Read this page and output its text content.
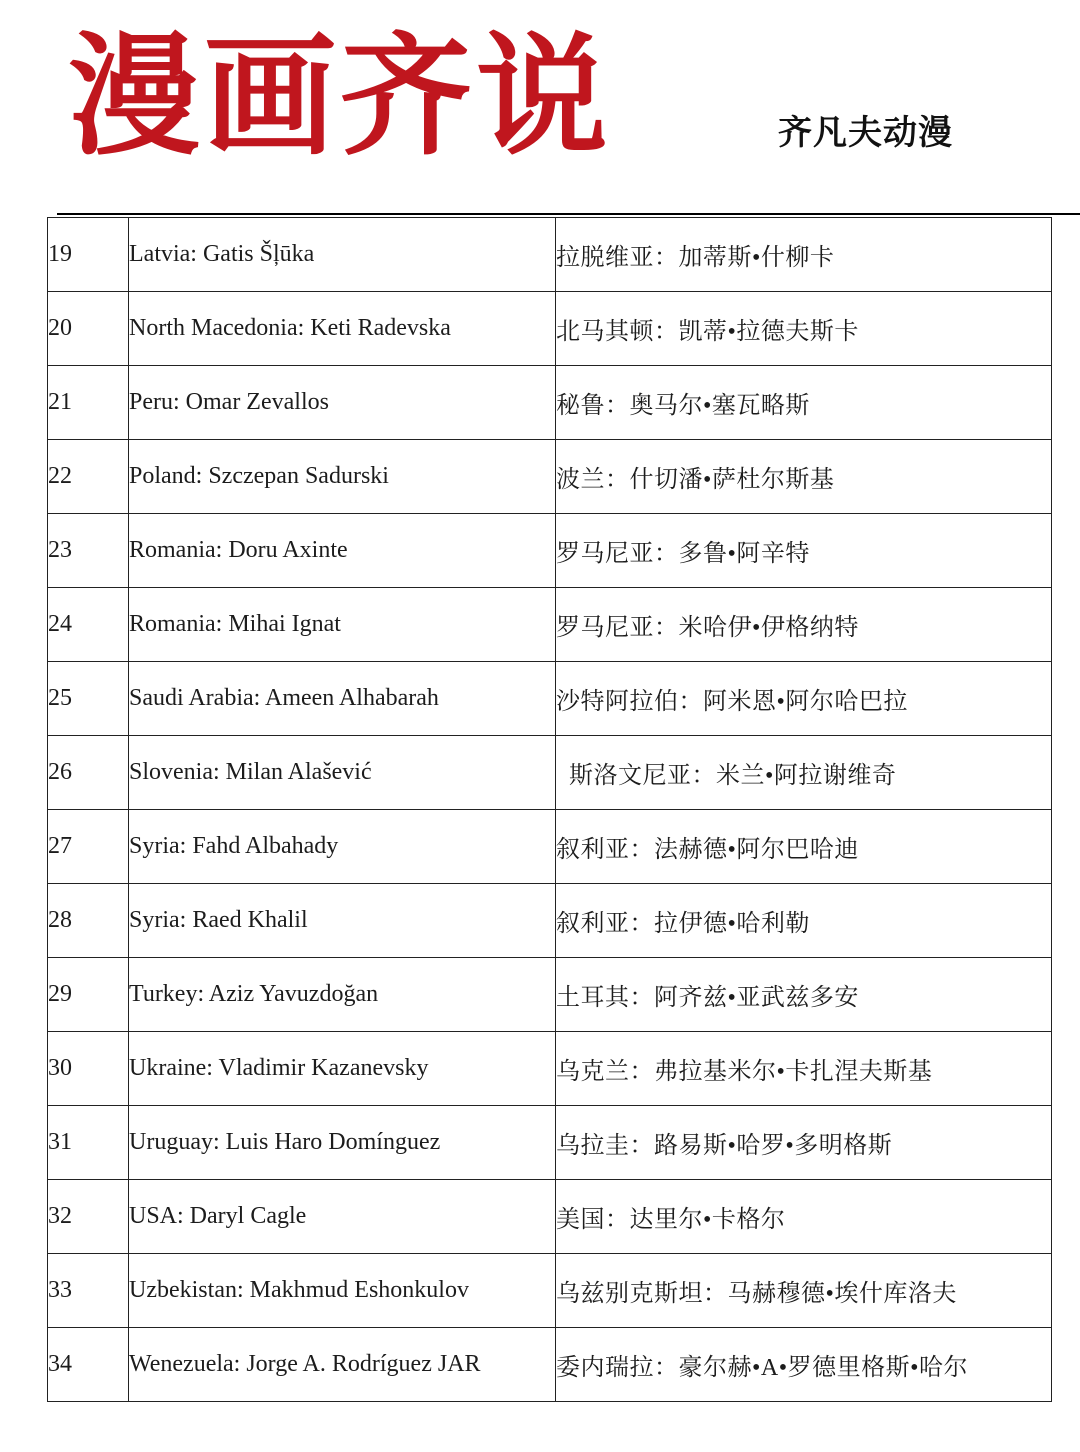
漫画齐说	齐凡夫动漫
19	Latvia: Gatis Šļūka	拉脱维亚：加蒂斯•什柳卡
20	North Macedonia: Keti Radevska	北马其顿：凯蒂•拉德夫斯卡
21	Peru: Omar Zevallos	秘鲁：奥马尔•塞瓦略斯
22	Poland: Szczepan Sadurski	波兰：什切潘•萨杜尔斯基
23	Romania: Doru Axinte	罗马尼亚：多鲁•阿辛特
24	Romania: Mihai Ignat	罗马尼亚：米哈伊•伊格纳特
25	Saudi Arabia: Ameen Alhabarah	沙特阿拉伯：阿米恩•阿尔哈巴拉
26	Slovenia: Milan Alašević	斯洛文尼亚：米兰•阿拉谢维奇
27	Syria: Fahd Albahady	叙利亚：法赫德•阿尔巴哈迪
28	Syria: Raed Khalil	叙利亚：拉伊德•哈利勒
29	Turkey: Aziz Yavuzdoğan	土耳其：阿齐兹•亚武兹多安
30	Ukraine: Vladimir Kazanevsky	乌克兰：弗拉基米尔•卡扎涅夫斯基
31	Uruguay: Luis Haro Domínguez	乌拉圭：路易斯•哈罗•多明格斯
32	USA: Daryl Cagle	美国：达里尔•卡格尔
33	Uzbekistan: Makhmud Eshonkulov	乌兹别克斯坦：马赫穆德•埃什库洛夫
34	Wenezuela: Jorge A. Rodríguez JAR	委内瑞拉：豪尔赫•A•罗德里格斯•哈尔
